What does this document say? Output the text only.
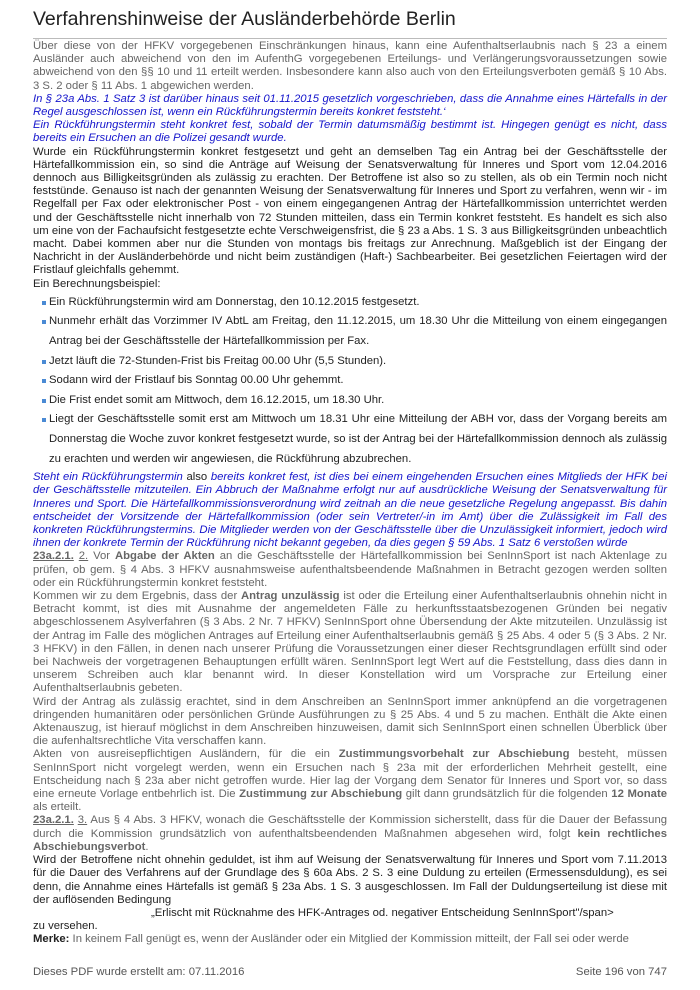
Verfahrenshinweise der Ausländerbehörde Berlin

Über diese von der HFKV vorgegebenen Einschränkungen hinaus, kann eine Aufenthaltserlaubnis nach § 23 a einem Ausländer auch abweichend von den im AufenthG vorgegebenen Erteilungs- und Verlängerungsvoraussetzungen sowie abweichend von den §§ 10 und 11 erteilt werden. Insbesondere kann also auch von den Erteilungsverboten gemäß § 10 Abs. 3 S. 2 oder § 11 Abs. 1 abgewichen werden.

In § 23a Abs. 1 Satz 3 ist darüber hinaus seit 01.11.2015 gesetzlich vorgeschrieben, dass die Annahme eines Härtefalls in der Regel ausgeschlossen ist, wenn ein Rückführungstermin bereits konkret feststeht.‘

Ein Rückführungstermin steht konkret fest, sobald der Termin datumsmäßig bestimmt ist. Hingegen genügt es nicht, dass bereits ein Ersuchen an die Polizei gesandt wurde.

Wurde ein Rückführungstermin konkret festgesetzt und geht an demselben Tag ein Antrag bei der Geschäftsstelle der Härtefallkommission ein, so sind die Anträge auf Weisung der Senatsverwaltung für Inneres und Sport vom 12.04.2016 dennoch aus Billigkeitsgründen als zulässig zu erachten. Der Betroffene ist also so zu stellen, als ob ein Termin noch nicht feststünde. Genauso ist nach der genannten Weisung der Senatsverwaltung für Inneres und Sport zu verfahren, wenn wir - im Regelfall per Fax oder elektronischer Post - von einem eingegangenen Antrag der Härtefallkommission unterrichtet werden und der Geschäftsstelle nicht innerhalb von 72 Stunden mitteilen, dass ein Termin konkret feststeht. Es handelt es sich also um eine von der Fachaufsicht festgesetzte echte Verschweigensfrist, die § 23 a Abs. 1 S. 3 aus Billigkeitsgründen unbeachtlich macht. Dabei kommen aber nur die Stunden von montags bis freitags zur Anrechnung. Maßgeblich ist der Eingang der Nachricht in der Ausländerbehörde und nicht beim zuständigen (Haft-) Sachbearbeiter. Bei gesetzlichen Feiertagen wird der Fristlauf gleichfalls gehemmt.

Ein Berechnungsbeispiel:

Ein Rückführungstermin wird am Donnerstag, den 10.12.2015 festgesetzt.
Nunmehr erhält das Vorzimmer IV AbtL am Freitag, den 11.12.2015, um 18.30 Uhr die Mitteilung von einem eingegangen Antrag bei der Geschäftsstelle der Härtefallkommission per Fax.
Jetzt läuft die 72-Stunden-Frist bis Freitag 00.00 Uhr (5,5 Stunden).
Sodann wird der Fristlauf bis Sonntag 00.00 Uhr gehemmt.
Die Frist endet somit am Mittwoch, dem 16.12.2015, um 18.30 Uhr.
Liegt der Geschäftsstelle somit erst am Mittwoch um 18.31 Uhr eine Mitteilung der ABH vor, dass der Vorgang bereits am Donnerstag die Woche zuvor konkret festgesetzt wurde, so ist der Antrag bei der Härtefallkommission dennoch als zulässig zu erachten und werden wir angewiesen, die Rückführung abzubrechen.

Steht ein Rückführungstermin also bereits konkret fest, ist dies bei einem eingehenden Ersuchen eines Mitglieds der HFK bei der Geschäftsstelle mitzuteilen. Ein Abbruch der Maßnahme erfolgt nur auf ausdrückliche Weisung der Senatsverwaltung für Inneres und Sport. Die Härtefallkommissionsverordnung wird zeitnah an die neue gesetzliche Regelung angepasst. Bis dahin entscheidet der Vorsitzende der Härtefallkommission (oder sein Vertreter/-in im Amt) über die Zulässigkeit im Fall des konkreten Rückführungstermins. Die Mitglieder werden von der Geschäftsstelle über die Unzulässigkeit informiert, jedoch wird ihnen der konkrete Termin der Rückführung nicht bekannt gegeben, da dies gegen § 59 Abs. 1 Satz 6 verstoßen würde

23a.2.1. 2. Vor Abgabe der Akten an die Geschäftsstelle der Härtefallkommission bei SenInnSport ist nach Aktenlage zu prüfen, ob gem. § 4 Abs. 3 HFKV ausnahmsweise aufenthaltsbeendende Maßnahmen in Betracht gezogen werden sollten oder ein Rückführungstermin konkret feststeht.

Kommen wir zu dem Ergebnis, dass der Antrag unzulässig ist oder die Erteilung einer Aufenthaltserlaubnis ohnehin nicht in Betracht kommt, ist dies mit Ausnahme der angemeldeten Fälle zu herkunftsstaatsbezogenen Gründen bei negativ abgeschlossenem Asylverfahren (§ 3 Abs. 2 Nr. 7 HFKV) SenInnSport ohne Übersendung der Akte mitzuteilen. Unzulässig ist der Antrag im Falle des möglichen Antrages auf Erteilung einer Aufenthaltserlaubnis gemäß § 25 Abs. 4 oder 5 (§ 3 Abs. 2 Nr. 3 HFKV) in den Fällen, in denen nach unserer Prüfung die Voraussetzungen einer dieser Rechtsgrundlagen erfüllt sind oder bei Nachweis der vorgetragenen Behauptungen erfüllt wären. SenInnSport legt Wert auf die Feststellung, dass dies dann in unserem Schreiben auch klar benannt wird. In dieser Konstellation wird um Vorsprache zur Erteilung einer Aufenthaltserlaubnis gebeten.

Wird der Antrag als zulässig erachtet, sind in dem Anschreiben an SenInnSport immer anknüpfend an die vorgetragenen dringenden humanitären oder persönlichen Gründe Ausführungen zu § 25 Abs. 4 und 5 zu machen. Enthält die Akte einen Aktenauszug, ist hierauf möglichst in dem Anschreiben hinzuweisen, damit sich SenInnSport einen schnellen Überblick über die aufenhaltsrechtliche Vita verschaffen kann.

Akten von ausreisepflichtigen Ausländern, für die ein Zustimmungsvorbehalt zur Abschiebung besteht, müssen SenInnSport nicht vorgelegt werden, wenn ein Ersuchen nach § 23a mit der erforderlichen Mehrheit gestellt, eine Entscheidung nach § 23a aber nicht getroffen wurde. Hier lag der Vorgang dem Senator für Inneres und Sport vor, so dass eine erneute Vorlage entbehrlich ist. Die Zustimmung zur Abschiebung gilt dann grundsätzlich für die folgenden 12 Monate als erteilt.

23a.2.1. 3. Aus § 4 Abs. 3 HFKV, wonach die Geschäftsstelle der Kommission sicherstellt, dass für die Dauer der Befassung durch die Kommission grundsätzlich von aufenthaltsbeendenden Maßnahmen abgesehen wird, folgt kein rechtliches Abschiebungsverbot.

Wird der Betroffene nicht ohnehin geduldet, ist ihm auf Weisung der Senatsverwaltung für Inneres und Sport vom 7.11.2013 für die Dauer des Verfahrens auf der Grundlage des § 60a Abs. 2 S. 3 eine Duldung zu erteilen (Ermessensduldung), es sei denn, die Annahme eines Härtefalls ist gemäß § 23a Abs. 1 S. 3 ausgeschlossen. Im Fall der Duldungserteilung ist diese mit der auflösenden Bedingung

„Erlischt mit Rücknahme des HFK-Antrages od. negativer Entscheidung SenInnSport"/span>

zu versehen.

Merke: In keinem Fall genügt es, wenn der Ausländer oder ein Mitglied der Kommission mitteilt, der Fall sei oder werde

Dieses PDF wurde erstellt am: 07.11.2016	Seite 196 von 747
